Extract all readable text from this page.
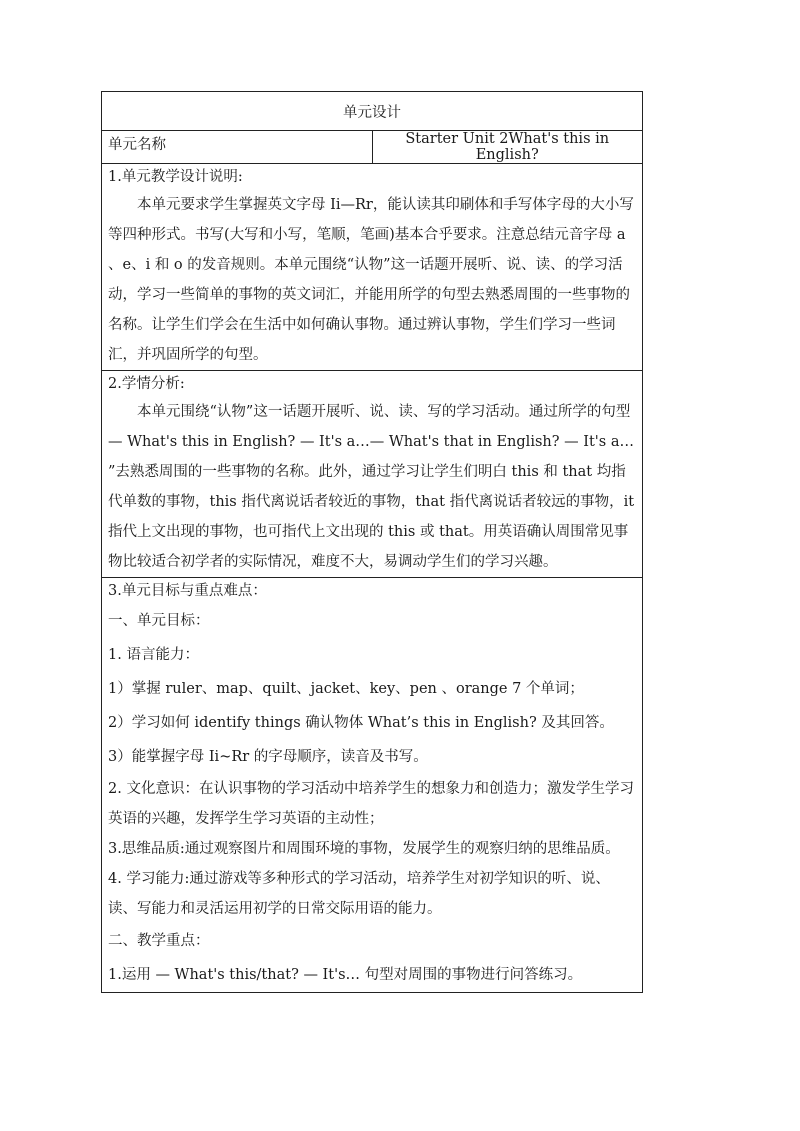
单元设计
单元名称	Starter Unit 2What's this in English?

1.单元教学设计说明:

本单元要求学生掌握英文字母 Ii—Rr，能认读其印刷体和手写体字母的大小写等四种形式。书写(大写和小写，笔顺，笔画)基本合乎要求。注意总结元音字母 a 、e、i 和 o 的发音规则。本单元围绕“认物”这一话题开展听、说、读、的学习活动，学习一些简单的事物的英文词汇，并能用所学的句型去熟悉周围的一些事物的名称。让学生们学会在生活中如何确认事物。通过辨认事物，学生们学习一些词汇，并巩固所学的句型。

2.学情分析:

本单元围绕“认物”这一话题开展听、说、读、写的学习活动。通过所学的句型— What's this in English? — It's a…— What's that in English? — It's a… ”去熟悉周围的一些事物的名称。此外，通过学习让学生们明白 this 和 that 均指代单数的事物，this 指代离说话者较近的事物，that 指代离说话者较远的事物，it 指代上文出现的事物，也可指代上文出现的 this 或 that。用英语确认周围常见事物比较适合初学者的实际情况，难度不大，易调动学生们的学习兴趣。

3.单元目标与重点难点：

一、单元目标：

1. 语言能力：

1）掌握 ruler、map、quilt、jacket、key、pen 、orange 7 个单词；

2）学习如何 identify things 确认物体 What’s this in English? 及其回答。

3）能掌握字母 Ii~Rr 的字母顺序，读音及书写。

2. 文化意识：在认识事物的学习活动中培养学生的想象力和创造力；激发学生学习英语的兴趣，发挥学生学习英语的主动性；

3.思维品质:通过观察图片和周围环境的事物，发展学生的观察归纳的思维品质。

4. 学习能力:通过游戏等多种形式的学习活动，培养学生对初学知识的听、说、读、写能力和灵活运用初学的日常交际用语的能力。

二、教学重点：

1.运用 — What's this/that? — It's… 句型对周围的事物进行问答练习。
